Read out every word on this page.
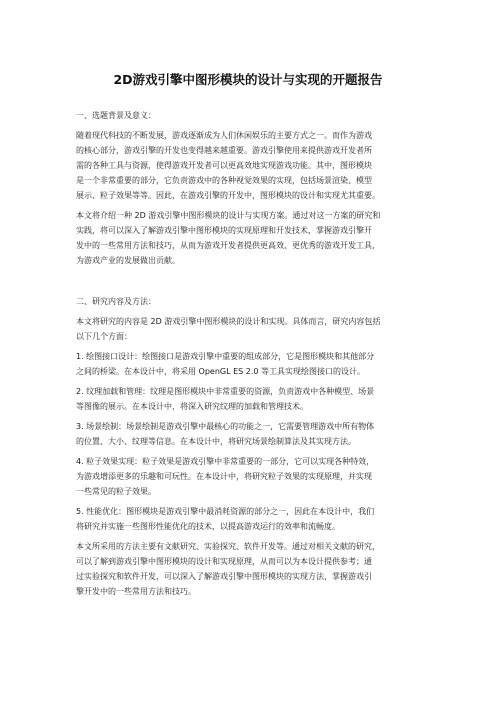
2D游戏引擎中图形模块的设计与实现的开题报告
一、选题背景及意义：
随着现代科技的不断发展，游戏逐渐成为人们休闲娱乐的主要方式之一。而作为游戏
的核心部分，游戏引擎的开发也变得越来越重要。游戏引擎使用来提供游戏开发者所
需的各种工具与资源，使得游戏开发者可以更高效地实现游戏功能。其中，图形模块
是一个非常重要的部分，它负责游戏中的各种视觉效果的实现，包括场景渲染、模型
展示、粒子效果等等。因此，在游戏引擎的开发中，图形模块的设计和实现尤其重要。
本文将介绍一种 2D 游戏引擎中图形模块的设计与实现方案。通过对这一方案的研究和
实践，将可以深入了解游戏引擎中图形模块的实现原理和开发技术，掌握游戏引擎开
发中的一些常用方法和技巧，从而为游戏开发者提供更高效、更优秀的游戏开发工具，
为游戏产业的发展做出贡献。
二、研究内容及方法：
本文将研究的内容是 2D 游戏引擎中图形模块的设计和实现。具体而言，研究内容包括
以下几个方面：
1. 绘图接口设计：绘图接口是游戏引擎中重要的组成部分，它是图形模块和其他部分
之间的桥梁。在本设计中，将采用 OpenGL ES 2.0 等工具实现绘图接口的设计。
2. 纹理加载和管理：纹理是图形模块中非常重要的资源，负责游戏中各种模型、场景
等图像的展示。在本设计中，将深入研究纹理的加载和管理技术。
3. 场景绘制：场景绘制是游戏引擎中最核心的功能之一，它需要管理游戏中所有物体
的位置、大小、纹理等信息。在本设计中，将研究场景绘制算法及其实现方法。
4. 粒子效果实现：粒子效果是游戏引擎中非常重要的一部分，它可以实现各种特效，
为游戏增添更多的乐趣和可玩性。在本设计中，将研究粒子效果的实现原理，并实现
一些常见的粒子效果。
5. 性能优化：图形模块是游戏引擎中最消耗资源的部分之一，因此在本设计中，我们
将研究并实施一些图形性能优化的技术，以提高游戏运行的效率和流畅度。
本文所采用的方法主要有文献研究、实验探究、软件开发等。通过对相关文献的研究，
可以了解到游戏引擎中图形模块的设计和实现原理，从而可以为本设计提供参考；通
过实验探究和软件开发，可以深入了解游戏引擎中图形模块的实现方法，掌握游戏引
擎开发中的一些常用方法和技巧。
